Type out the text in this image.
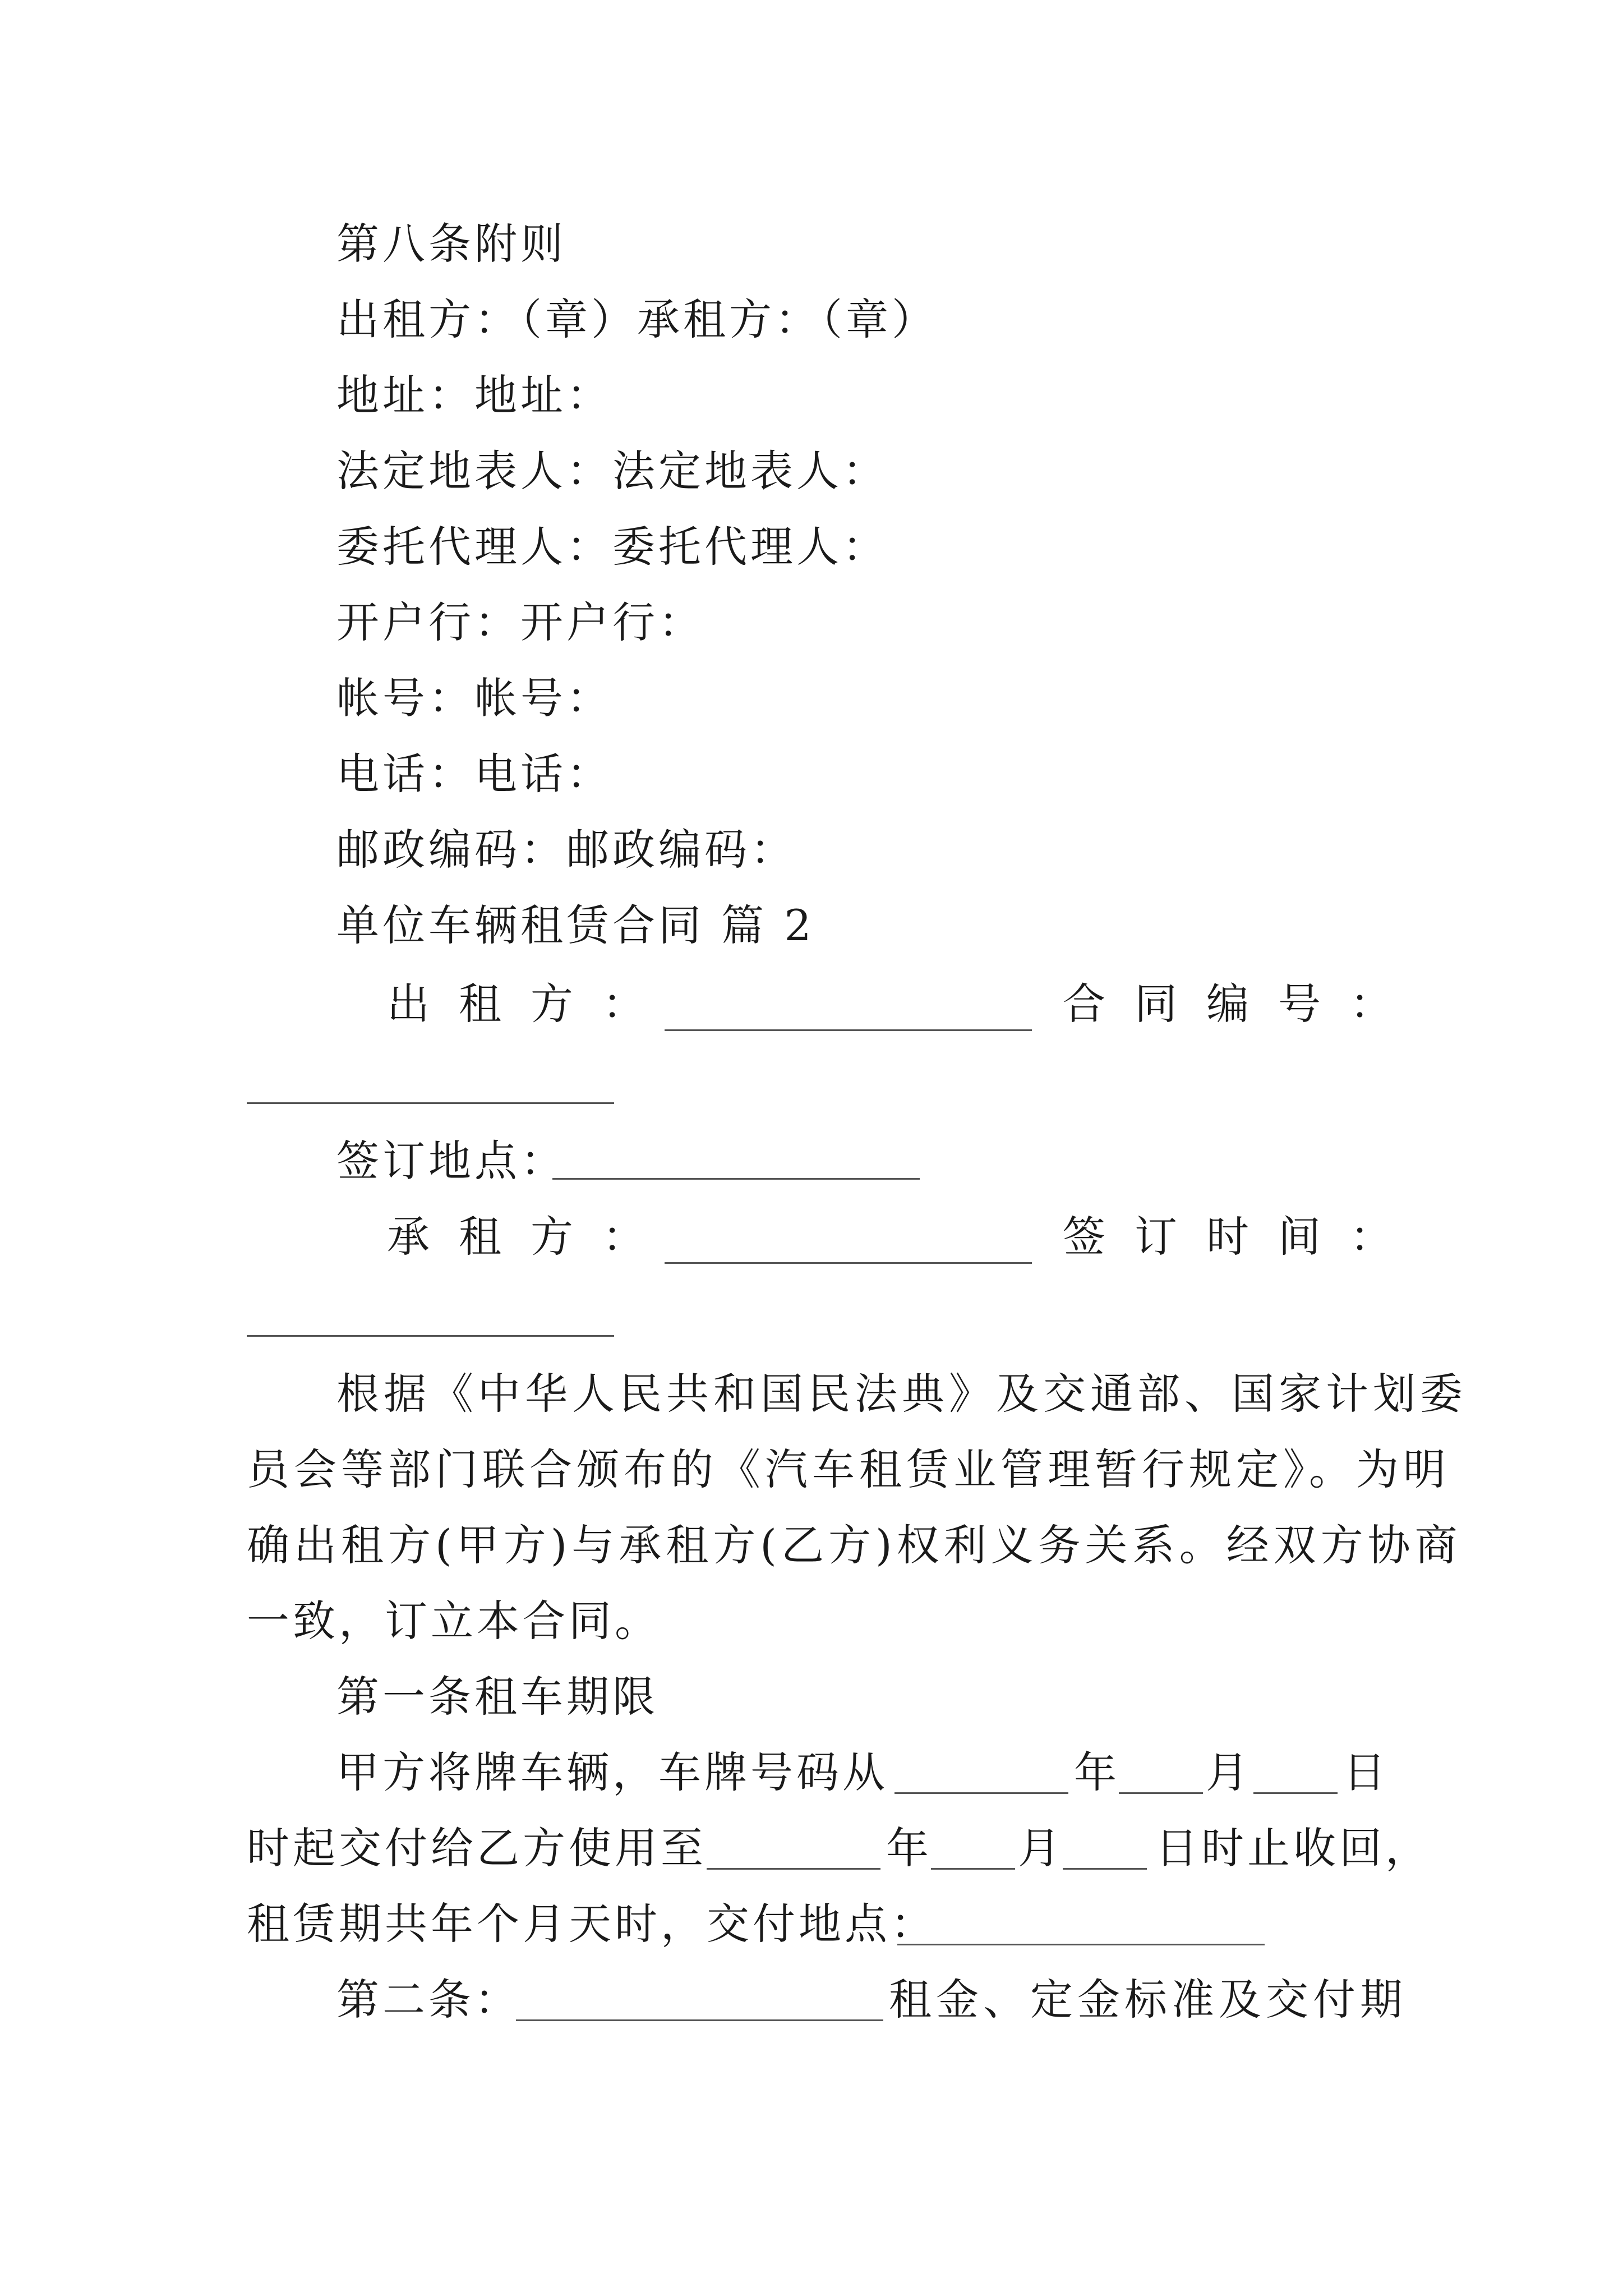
第八条附则
出租方：（章）承租方：（章）
地址：地址：
法定地表人：法定地表人：
委托代理人：委托代理人：
开户行：开户行：
帐号：帐号：
电话：电话：
邮政编码：邮政编码：
单位车辆租赁合同 篇 2
出租方：	合同编号：
签订地点：
承租方：	签订时间：
根据《中华人民共和国民法典》及交通部、国家计划委
员会等部门联合颁布的《汽车租赁业管理暂行规定》。为明
确出租方(甲方)与承租方(乙方)权利义务关系。经双方协商
一致，订立本合同。
第一条租车期限
甲方将牌车辆，车牌号码从	年 月 日
时起交付给乙方使用至	年 月 日时止收回，
租赁期共年个月天时，交付地点：
第二条：	租金、定金标准及交付期
